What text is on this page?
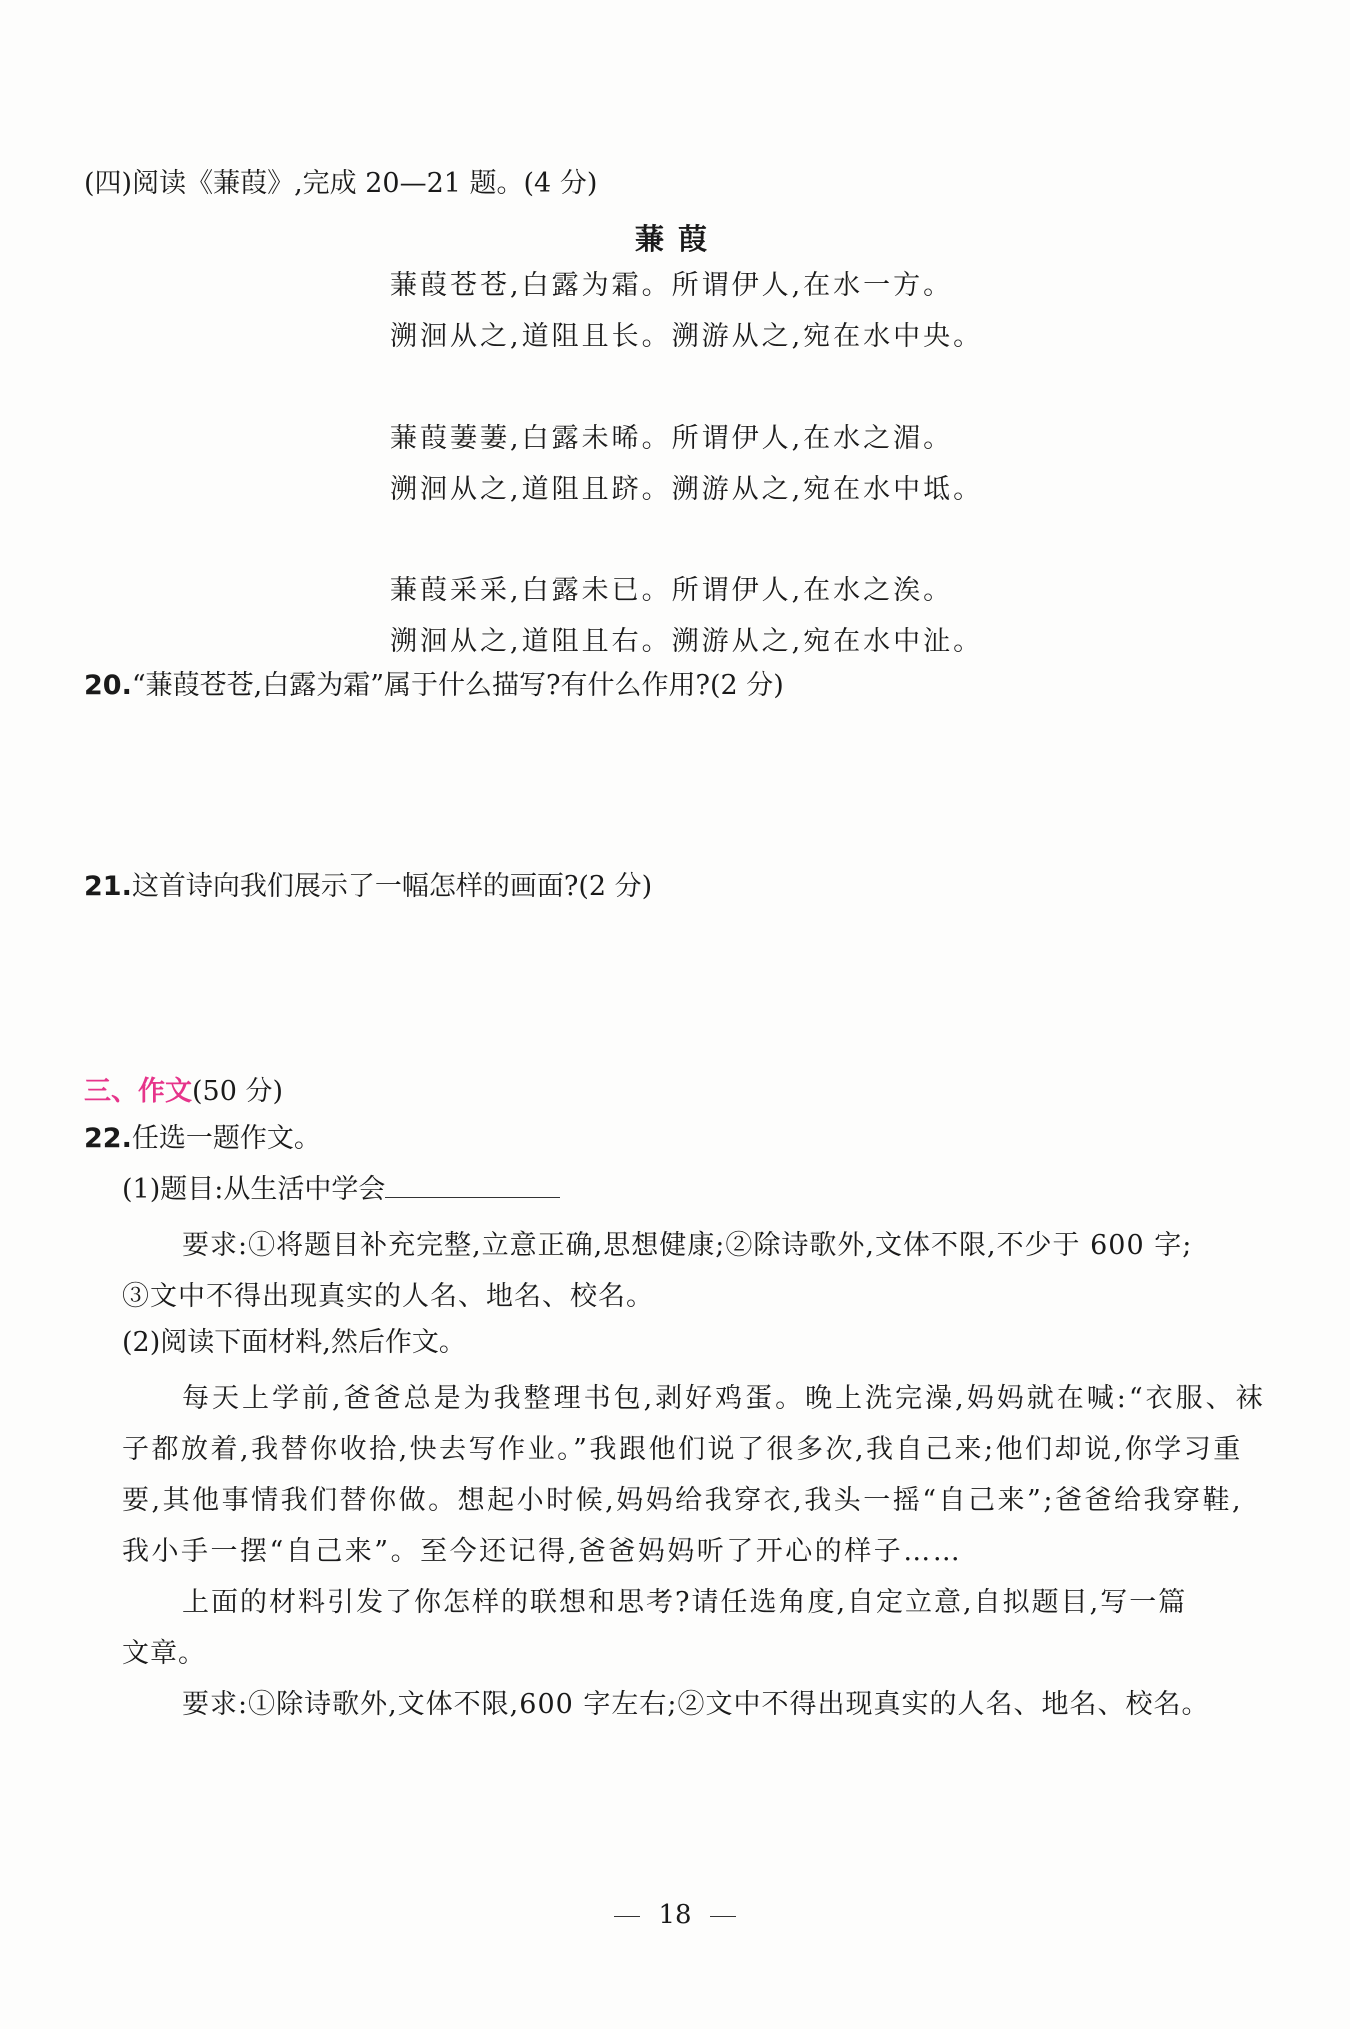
(四)阅读《蒹葭》,完成 20—21 题。(4 分)
蒹葭
蒹葭苍苍,白露为霜。所谓伊人,在水一方。
溯洄从之,道阻且长。溯游从之,宛在水中央。
蒹葭萋萋,白露未晞。所谓伊人,在水之湄。
溯洄从之,道阻且跻。溯游从之,宛在水中坻。
蒹葭采采,白露未已。所谓伊人,在水之涘。
溯洄从之,道阻且右。溯游从之,宛在水中沚。
20.“蒹葭苍苍,白露为霜”属于什么描写?有什么作用?(2 分)
21.这首诗向我们展示了一幅怎样的画面?(2 分)
三、作文(50 分)
22.任选一题作文。
(1)题目:从生活中学会
要求:①将题目补充完整,立意正确,思想健康;②除诗歌外,文体不限,不少于 600 字;
③文中不得出现真实的人名、地名、校名。
(2)阅读下面材料,然后作文。
每天上学前,爸爸总是为我整理书包,剥好鸡蛋。晚上洗完澡,妈妈就在喊:“衣服、袜
子都放着,我替你收拾,快去写作业。”我跟他们说了很多次,我自己来;他们却说,你学习重
要,其他事情我们替你做。想起小时候,妈妈给我穿衣,我头一摇“自己来”;爸爸给我穿鞋,
我小手一摆“自己来”。至今还记得,爸爸妈妈听了开心的样子……
上面的材料引发了你怎样的联想和思考?请任选角度,自定立意,自拟题目,写一篇
文章。
要求:①除诗歌外,文体不限,600 字左右;②文中不得出现真实的人名、地名、校名。
18
